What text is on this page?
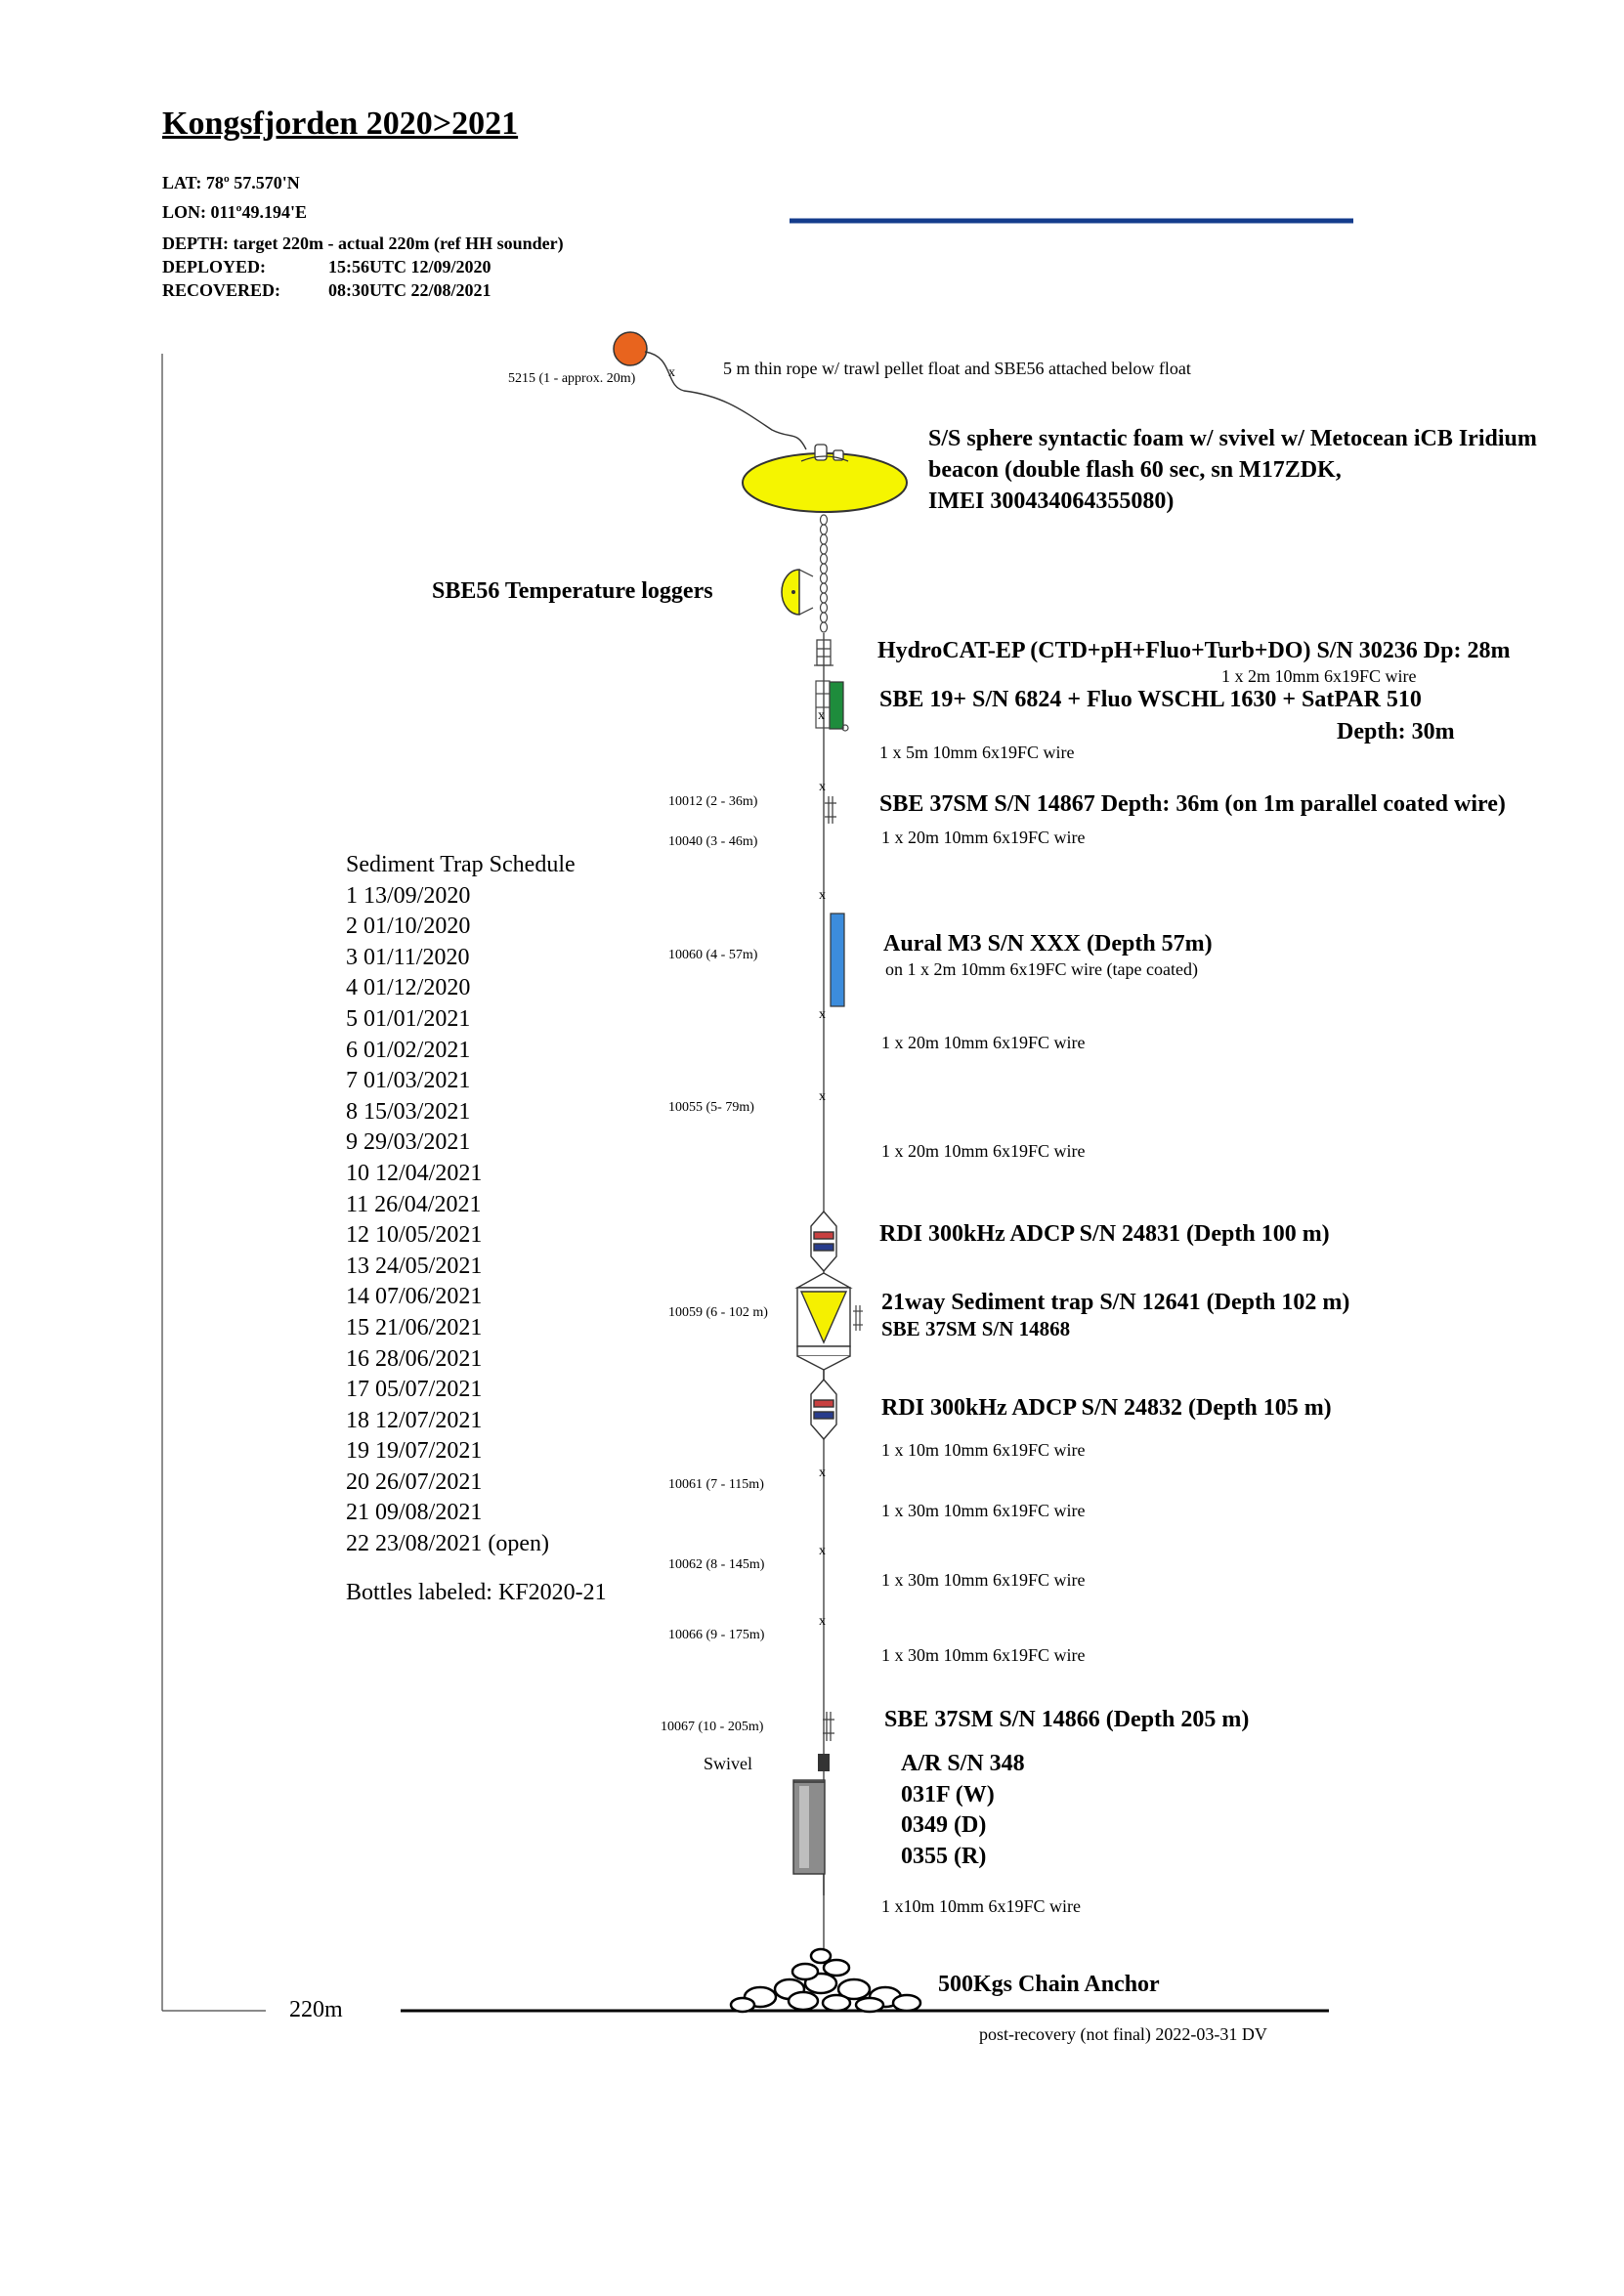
Kongsfjorden 2020>2021
LAT: 78º 57.570'N
LON: 011º49.194'E
DEPTH: target 220m - actual 220m (ref HH sounder)
DEPLOYED:	15:56UTC 12/09/2020
RECOVERED:	08:30UTC 22/08/2021
x
x
x
x
x
x
x
x
x
5215 (1 - approx. 20m)
10012 (2 - 36m)
10040 (3 - 46m)
10060 (4 - 57m)
10055 (5- 79m)
10059 (6 - 102 m)
10061 (7 - 115m)
10062 (8 - 145m)
10066 (9 - 175m)
10067 (10 - 205m)
5 m thin rope w/ trawl pellet float and SBE56 attached below float
S/S sphere syntactic foam w/ svivel w/ Metocean iCB Iridium
beacon (double flash 60 sec, sn M17ZDK,
IMEI 300434064355080)
SBE56 Temperature loggers
HydroCAT-EP (CTD+pH+Fluo+Turb+DO) S/N 30236 Dp: 28m
1 x 2m 10mm 6x19FC wire
SBE 19+ S/N 6824 + Fluo WSCHL 1630 + SatPAR 510
Depth: 30m
1 x 5m 10mm 6x19FC wire
SBE 37SM S/N 14867 Depth: 36m (on 1m parallel coated wire)
1 x 20m 10mm 6x19FC wire
Aural M3 S/N XXX (Depth 57m)
on 1 x 2m 10mm 6x19FC wire (tape coated)
1 x 20m 10mm 6x19FC wire
1 x 20m 10mm 6x19FC wire
RDI 300kHz ADCP S/N 24831 (Depth 100 m)
21way Sediment trap S/N 12641 (Depth 102 m)
SBE 37SM S/N 14868
RDI 300kHz ADCP S/N 24832 (Depth 105 m)
1 x 10m 10mm 6x19FC wire
1 x 30m 10mm 6x19FC wire
1 x 30m 10mm 6x19FC wire
1 x 30m 10mm 6x19FC wire
SBE 37SM S/N 14866 (Depth 205 m)
Swivel	A/R S/N 348
031F (W)
0349 (D)
0355 (R)
1 x10m 10mm 6x19FC wire
500Kgs Chain Anchor
220m
post-recovery (not final) 2022-03-31 DV
Sediment Trap Schedule
1 13/09/2020
2 01/10/2020
3 01/11/2020
4 01/12/2020
5 01/01/2021
6 01/02/2021
7 01/03/2021
8 15/03/2021
9 29/03/2021
10 12/04/2021
11 26/04/2021
12 10/05/2021
13 24/05/2021
14 07/06/2021
15 21/06/2021
16 28/06/2021
17 05/07/2021
18 12/07/2021
19 19/07/2021
20 26/07/2021
21 09/08/2021
22 23/08/2021 (open)
Bottles labeled: KF2020-21
